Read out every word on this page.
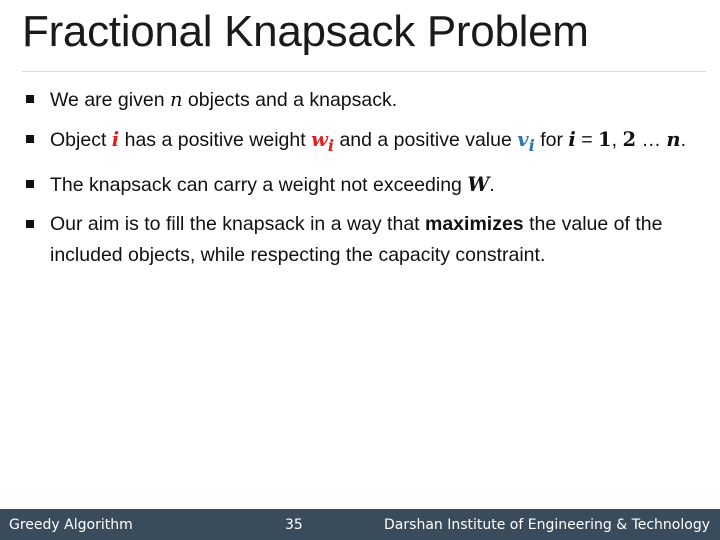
Fractional Knapsack Problem
We are given n objects and a knapsack.
Object i has a positive weight $w_i$ and a positive value $v_i$ for i = 1, 2 … n.
The knapsack can carry a weight not exceeding W.
Our aim is to fill the knapsack in a way that maximizes the value of the included objects, while respecting the capacity constraint.
Greedy Algorithm	35	Darshan Institute of Engineering & Technology
